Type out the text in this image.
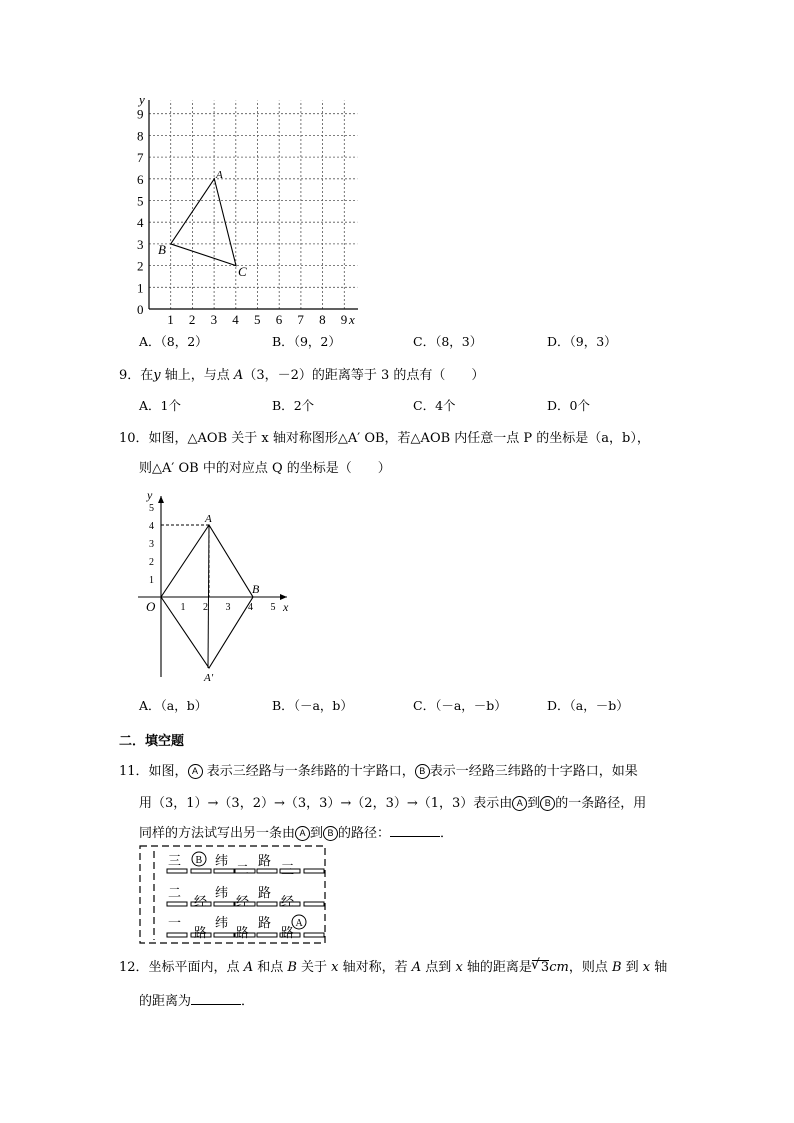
y
x
0
1
2
3
4
5
6
7
8
9
1 2 3 4 5 6 7 8 9
A
B
C
A．（8，2）	B．（9，2）	C．（8，3）	D．（9，3）
9．在y 轴上，与点 A（3，－2）的距离等于 3 的点有（　　）
A．1个	B．2个	C．4个	D．0个
10．如图，△AOB 关于 x 轴对称图形△A′ OB，若△AOB 内任意一点 P 的坐标是（a，b），
则△A′ OB 中的对应点 Q 的坐标是（　　）
y
x
O
1
2
3
4
5
1 2 3 4 5
A
B
A′
A．（a，b）	B．（－a，b）	C．（－a，－b）	D．（a，－b）
二．填空题
11．如图， A 表示三经路与一条纬路的十字路口， B 表示一经路三纬路的十字路口，如果
用（3，1）→（3，2）→（3，3）→（2，3）→（1，3）表示由 A 到 B 的一条路径，用
同样的方法试写出另一条由 A 到 B 的路径：	．
三	纬
二
路
三
二
经
纬
经
路
经
一
路
纬
路
路
路
B
A
12．坐标平面内，点 A 和点 B 关于 x 轴对称，若 A 点到 x 轴的距离是√ 3cm，则点 B 到 x 轴
的距离为	．
